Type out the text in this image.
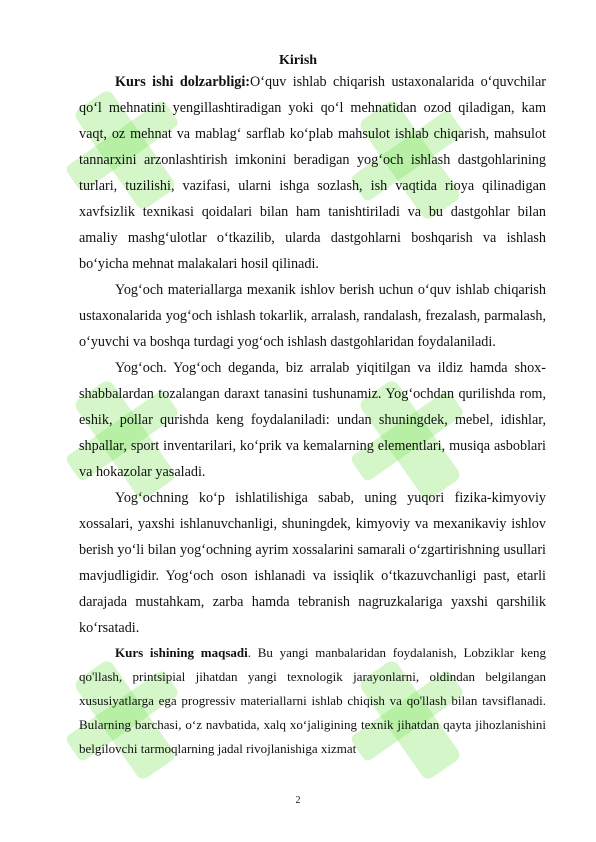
Kirish

Kurs ishi dolzarbligi:O‘quv ishlab chiqarish ustaxonalarida o‘quvchilar qo‘l mehnatini yengillashtiradigan yoki qo‘l mehnatidan ozod qiladigan, kam vaqt, oz mehnat va mablag‘ sarflab ko‘plab mahsulot ishlab chiqarish, mahsulot tannarxini arzonlashtirish imkonini beradigan yog‘och ishlash dastgohlarining turlari, tuzilishi, vazifasi, ularni ishga sozlash, ish vaqtida rioya qilinadigan xavfsizlik texnikasi qoidalari bilan ham tanishtiriladi va bu dastgohlar bilan amaliy mashg‘ulotlar o‘tkazilib, ularda dastgohlarni boshqarish va ishlash bo‘yicha mehnat malakalari hosil qilinadi.

Yog‘och materiallarga mexanik ishlov berish uchun o‘quv ishlab chiqarish ustaxonalarida yog‘och ishlash tokarlik, arralash, randalash, frezalash, parmalash, o‘yuvchi va boshqa turdagi yog‘och ishlash dastgohlaridan foydalaniladi.

Yog‘och. Yog‘och deganda, biz arralab yiqitilgan va ildiz hamda shox-shabbalardan tozalangan daraxt tanasini tushunamiz. Yog‘ochdan qurilishda rom, eshik, pollar qurishda keng foydalaniladi: undan shuningdek, mebel, idishlar, shpallar, sport inventarilari, ko‘prik va kemalarning elementlari, musiqa asboblari va hokazolar yasaladi.

Yog‘ochning ko‘p ishlatilishiga sabab, uning yuqori fizika-kimyoviy xossalari, yaxshi ishlanuvchanligi, shuningdek, kimyoviy va mexanikaviy ishlov berish yo‘li bilan yog‘ochning ayrim xossalarini samarali o‘zgartirishning usullari mavjudligidir. Yog‘och oson ishlanadi va issiqlik o‘tkazuvchanligi past, etarli darajada mustahkam, zarba hamda tebranish nagruzkalariga yaxshi qarshilik ko‘rsatadi.

Kurs ishining maqsadi. Bu yangi manbalaridan foydalanish, Lobziklar keng qo'llash, printsipial jihatdan yangi texnologik jarayonlarni, oldindan belgilangan xususiyatlarga ega progressiv materiallarni ishlab chiqish va qo'llash bilan tavsiflanadi. Bularning barchasi, o‘z navbatida, xalq xo‘jaligining texnik jihatdan qayta jihozlanishini belgilovchi tarmoqlarning jadal rivojlanishiga xizmat

2
